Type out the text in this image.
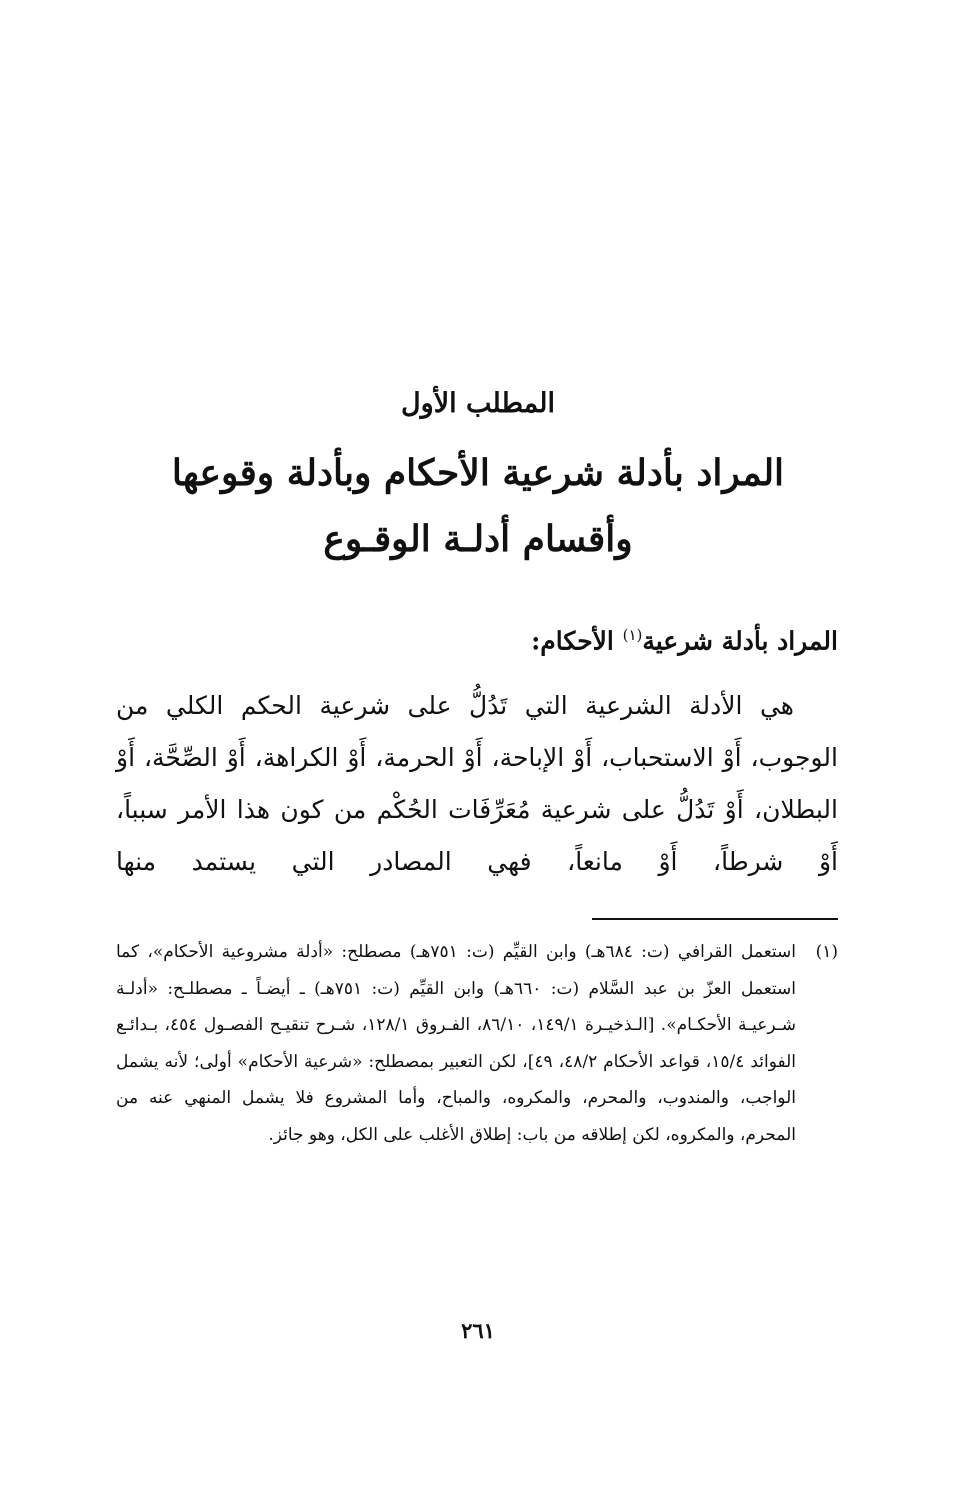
المطلب الأول
المراد بأدلة شرعية الأحكام وبأدلة وقوعها وأقسام أدلـة الوقـوع
المراد بأدلة شرعية$^{(١)}$ الأحكام:

هي الأدلة الشرعية التي تَدُلُّ على شرعية الحكم الكلي من الوجوب، أَوْ الاستحباب، أَوْ الإباحة، أَوْ الحرمة، أَوْ الكراهة، أَوْ الصِّحَّة، أَوْ البطلان، أَوْ تَدُلُّ على شرعية مُعَرِّفَات الحُكْم من كون هذا الأمر سبباً، أَوْ شرطاً، أَوْ مانعاً، فهي المصادر التي يستمد منها

(١)
استعمل القرافي (ت: ٦٨٤هـ) وابن القيِّم (ت: ٧٥١هـ) مصطلح: «أدلة مشروعية الأحكام»، كما استعمل العزّ بن عبد السَّلام (ت: ٦٦٠هـ) وابن القيِّم (ت: ٧٥١هـ) ـ أيضـاً ـ مصطلـح: «أدلـة شـرعيـة الأحكـام». [الـذخيـرة ١٤٩/١، ٨٦/١٠، الفـروق ١٢٨/١، شـرح تنقيـح الفصـول ٤٥٤، بـدائـع الفوائد ١٥/٤، قواعد الأحكام ٤٨/٢، ٤٩]، لكن التعبير بمصطلح: «شرعية الأحكام» أولى؛ لأنه يشمل الواجب، والمندوب، والمحرم، والمكروه، والمباح، وأما المشروع فلا يشمل المنهي عنه من المحرم، والمكروه، لكن إطلاقه من باب: إطلاق الأغلب على الكل، وهو جائز.
٢٦١
